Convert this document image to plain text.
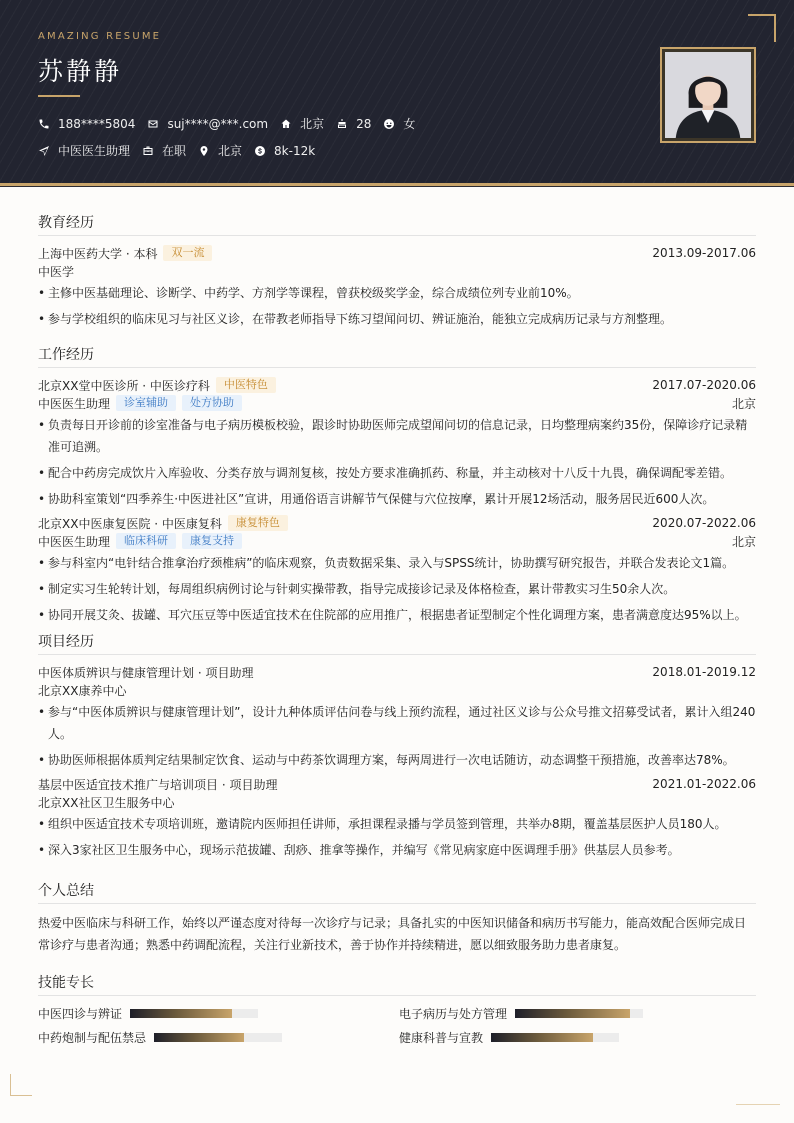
AMAZING RESUME
苏静静
188****5804	suj****@***.com	北京	28	女
中医医生助理	在职	北京	8k-12k
教育经历
上海中医药大学 · 本科	双一流	2013.09-2017.06
中医学
• 主修中医基础理论、诊断学、中药学、方剂学等课程，曾获校级奖学金，综合成绩位列专业前10%。
• 参与学校组织的临床见习与社区义诊，在带教老师指导下练习望闻问切、辨证施治，能独立完成病历记录与方剂整理。
工作经历
北京XX堂中医诊所 · 中医诊疗科	中医特色	2017.07-2020.06
中医医生助理	诊室辅助	处方协助	北京
• 负责每日开诊前的诊室准备与电子病历模板校验，跟诊时协助医师完成望闻问切的信息记录，日均整理病案约35份，保障诊疗记录精准可追溯。
• 配合中药房完成饮片入库验收、分类存放与调剂复核，按处方要求准确抓药、称量，并主动核对十八反十九畏，确保调配零差错。
• 协助科室策划“四季养生·中医进社区”宣讲，用通俗语言讲解节气保健与穴位按摩，累计开展12场活动，服务居民近600人次。
北京XX中医康复医院 · 中医康复科	康复特色	2020.07-2022.06
中医医生助理	临床科研	康复支持	北京
• 参与科室内“电针结合推拿治疗颈椎病”的临床观察，负责数据采集、录入与SPSS统计，协助撰写研究报告，并联合发表论文1篇。
• 制定实习生轮转计划，每周组织病例讨论与针刺实操带教，指导完成接诊记录及体格检查，累计带教实习生50余人次。
• 协同开展艾灸、拔罐、耳穴压豆等中医适宜技术在住院部的应用推广，根据患者证型制定个性化调理方案，患者满意度达95%以上。
项目经历
中医体质辨识与健康管理计划 · 项目助理	2018.01-2019.12
北京XX康养中心
• 参与“中医体质辨识与健康管理计划”，设计九种体质评估问卷与线上预约流程，通过社区义诊与公众号推文招募受试者，累计入组240人。
• 协助医师根据体质判定结果制定饮食、运动与中药茶饮调理方案，每两周进行一次电话随访，动态调整干预措施，改善率达78%。
基层中医适宜技术推广与培训项目 · 项目助理	2021.01-2022.06
北京XX社区卫生服务中心
• 组织中医适宜技术专项培训班，邀请院内医师担任讲师，承担课程录播与学员签到管理，共举办8期，覆盖基层医护人员180人。
• 深入3家社区卫生服务中心，现场示范拔罐、刮痧、推拿等操作，并编写《常见病家庭中医调理手册》供基层人员参考。
个人总结

热爱中医临床与科研工作，始终以严谨态度对待每一次诊疗与记录；具备扎实的中医知识储备和病历书写能力，能高效配合医师完成日常诊疗与患者沟通；熟悉中药调配流程，关注行业新技术，善于协作并持续精进，愿以细致服务助力患者康复。

技能专长
中医四诊与辨证	电子病历与处方管理
中药炮制与配伍禁忌	健康科普与宣教
